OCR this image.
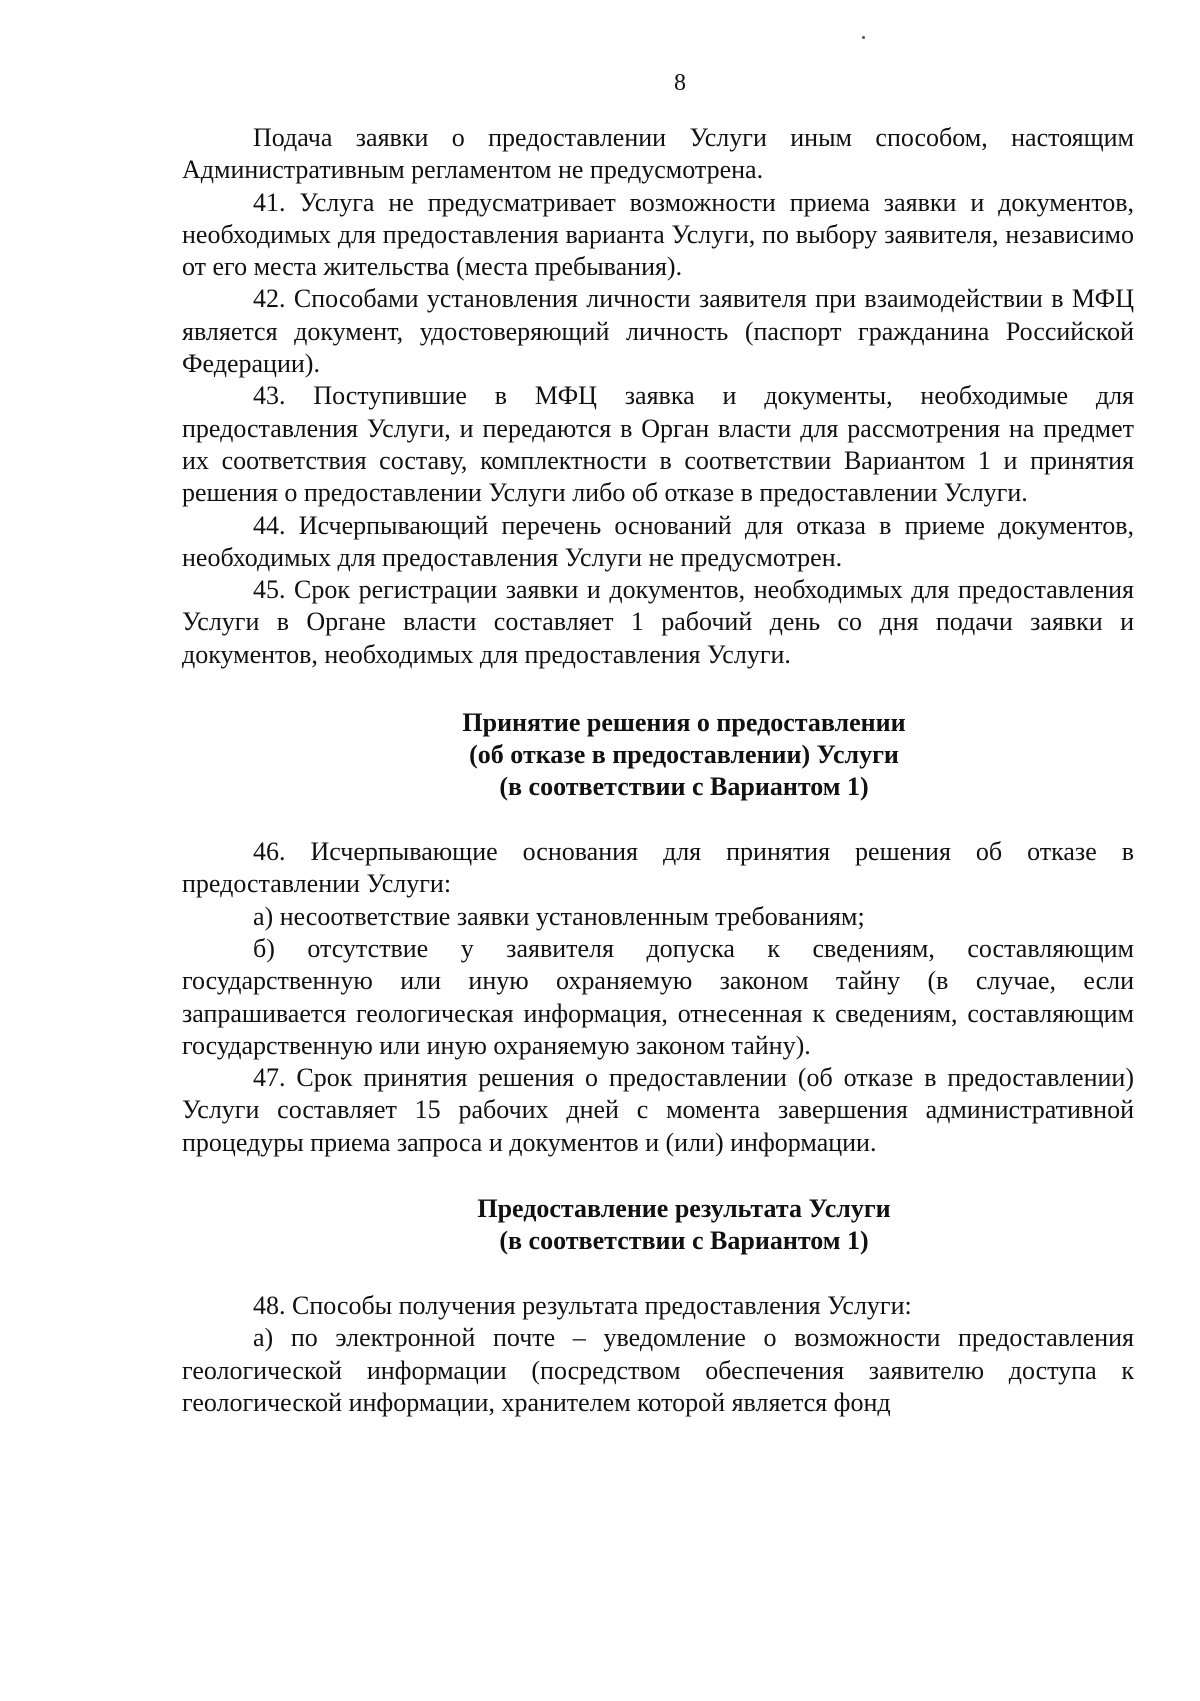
8

Подача заявки о предоставлении Услуги иным способом, настоящим Административным регламентом не предусмотрена.

41. Услуга не предусматривает возможности приема заявки и документов, необходимых для предоставления варианта Услуги, по выбору заявителя, независимо от его места жительства (места пребывания).

42. Способами установления личности заявителя при взаимодействии в МФЦ является документ, удостоверяющий личность (паспорт гражданина Российской Федерации).

43. Поступившие в МФЦ заявка и документы, необходимые для предоставления Услуги, и передаются в Орган власти для рассмотрения на предмет их соответствия составу, комплектности в соответствии Вариантом 1 и принятия решения о предоставлении Услуги либо об отказе в предоставлении Услуги.

44. Исчерпывающий перечень оснований для отказа в приеме документов, необходимых для предоставления Услуги не предусмотрен.

45. Срок регистрации заявки и документов, необходимых для предоставления Услуги в Органе власти составляет 1 рабочий день со дня подачи заявки и документов, необходимых для предоставления Услуги.

Принятие решения о предоставлении
(об отказе в предоставлении) Услуги
(в соответствии с Вариантом 1)

46. Исчерпывающие основания для принятия решения об отказе в предоставлении Услуги:

а) несоответствие заявки установленным требованиям;

б) отсутствие у заявителя допуска к сведениям, составляющим государственную или иную охраняемую законом тайну (в случае, если запрашивается геологическая информация, отнесенная к сведениям, составляющим государственную или иную охраняемую законом тайну).

47. Срок принятия решения о предоставлении (об отказе в предоставлении) Услуги составляет 15 рабочих дней с момента завершения административной процедуры приема запроса и документов и (или) информации.

Предоставление результата Услуги
(в соответствии с Вариантом 1)

48. Способы получения результата предоставления Услуги:

а) по электронной почте – уведомление о возможности предоставления геологической информации (посредством обеспечения заявителю доступа к геологической информации, хранителем которой является фонд
